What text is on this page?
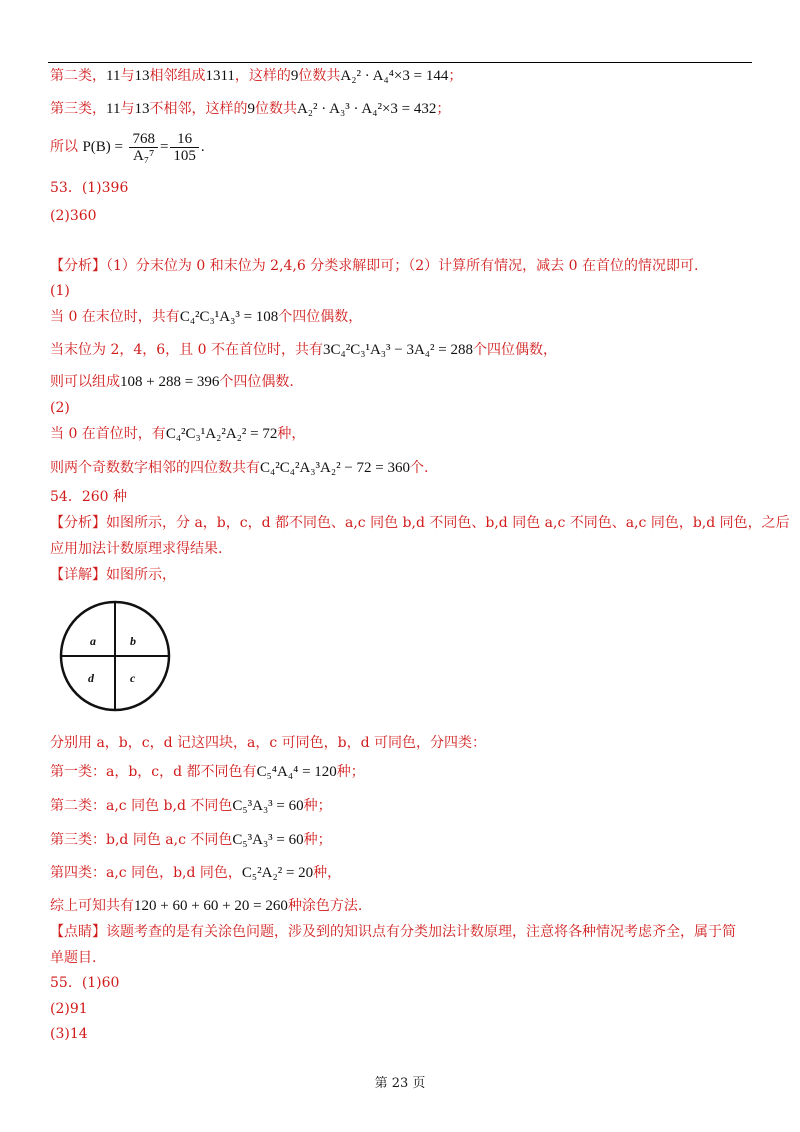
第二类，11与13相邻组成1311，这样的9位数共A₂² · A₄⁴×3 = 144；
第三类，11与13不相邻，这样的9位数共A₂² · A₃³ · A₄²×3 = 432；
所以 $P(B) = \frac{768}{\text{A₇⁷}} = \frac{16}{105}$ .
53．(1)396
(2)360
【分析】（1）分末位为 0 和末位为 2,4,6 分类求解即可；（2）计算所有情况，减去 0 在首位的情况即可.
(1)
当 0 在末位时，共有C₄²C₃¹A₃³ = 108个四位偶数，
当末位为 2，4，6，且 0 不在首位时，共有3C₄²C₃¹A₃³ − 3A₄² = 288个四位偶数，
则可以组成108 + 288 = 396个四位偶数.
(2)
当 0 在首位时，有C₄²C₃¹A₂²A₂² = 72种，
则两个奇数数字相邻的四位数共有C₄²C₄²A₃³A₂² − 72 = 360个.
54．260 种
【分析】如图所示，分 a，b，c，d 都不同色、a,c 同色 b,d 不同色、b,d 同色 a,c 不同色、a,c 同色，b,d 同色，之后
应用加法计数原理求得结果.
【详解】如图所示，
a	b
c
d
分别用 a，b，c，d 记这四块，a，c 可同色，b，d 可同色，分四类：
第一类：a，b，c，d 都不同色有C₅⁴A₄⁴ = 120种；
第二类：a,c 同色 b,d 不同色C₅³A₃³ = 60种；
第三类：b,d 同色 a,c 不同色C₅³A₃³ = 60种；
第四类：a,c 同色，b,d 同色，C₅²A₂² = 20种，
综上可知共有120 + 60 + 60 + 20 = 260种涂色方法.
【点睛】该题考查的是有关涂色问题，涉及到的知识点有分类加法计数原理，注意将各种情况考虑齐全，属于简
单题目.
55．(1)60
(2)91
(3)14
第 23 页
